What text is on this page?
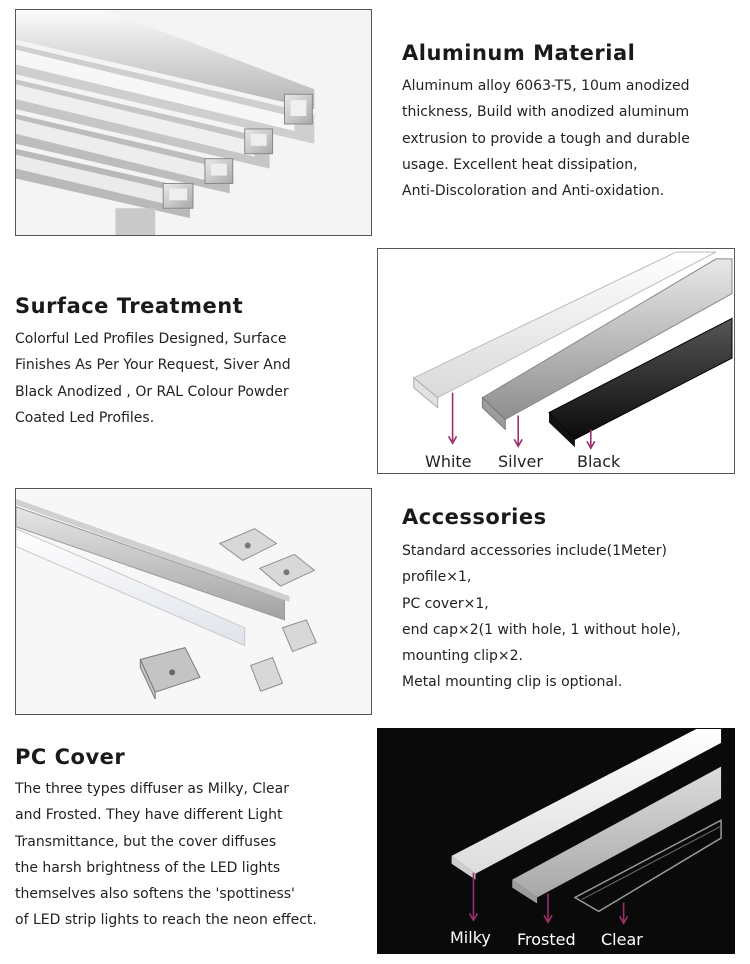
Aluminum Material
Aluminum alloy 6063-T5, 10um anodized
thickness, Build with anodized aluminum
extrusion to provide a tough and durable
usage. Excellent heat dissipation,
Anti-Discoloration and Anti-oxidation.
Surface Treatment
Colorful Led Profiles Designed, Surface
Finishes As Per Your Request, Siver And
Black Anodized , Or RAL Colour Powder
Coated Led Profiles.
White Silver Black
Accessories
Standard accessories include(1Meter)
profile×1,
PC cover×1,
end cap×2(1 with hole, 1 without hole),
mounting clip×2.
Metal mounting clip is optional.
PC Cover
The three types diffuser as Milky, Clear
and Frosted. They have different Light
Transmittance, but the cover diffuses
the harsh brightness of the LED lights
themselves also softens the 'spottiness'
of LED strip lights to reach the neon effect.
Milky Frosted Clear
